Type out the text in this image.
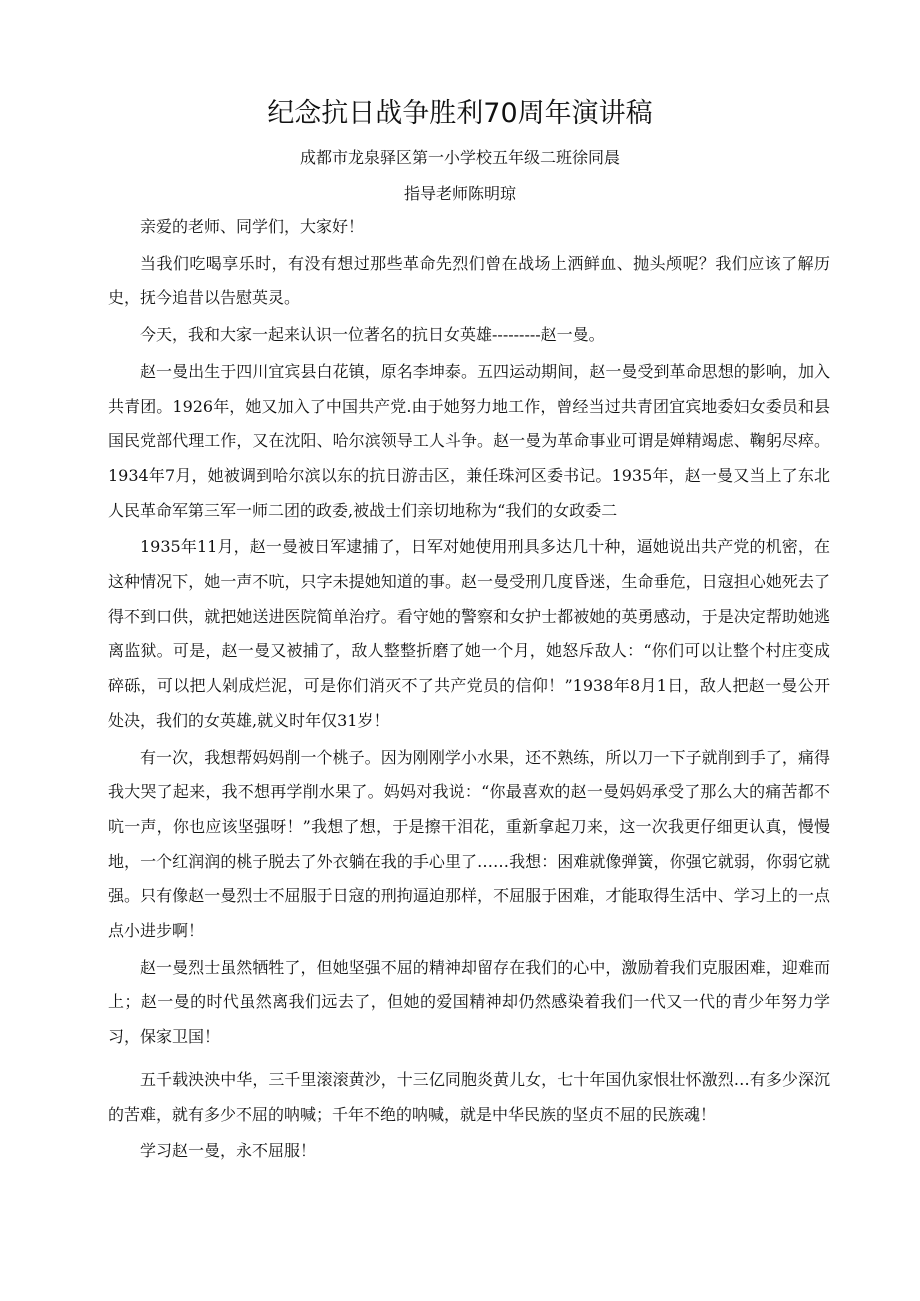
纪念抗日战争胜利70周年演讲稿
成都市龙泉驿区第一小学校五年级二班徐同晨
指导老师陈明琼

亲爱的老师、同学们，大家好！

当我们吃喝享乐时，有没有想过那些革命先烈们曾在战场上洒鲜血、抛头颅呢？我们应该了解历史，抚今追昔以告慰英灵。

今天，我和大家一起来认识一位著名的抗日女英雄---------赵一曼。

赵一曼出生于四川宜宾县白花镇，原名李坤泰。五四运动期间，赵一曼受到革命思想的影响，加入共青团。1926年，她又加入了中国共产党.由于她努力地工作，曾经当过共青团宜宾地委妇女委员和县国民党部代理工作，又在沈阳、哈尔滨领导工人斗争。赵一曼为革命事业可谓是婵精竭虑、鞠躬尽瘁。1934年7月，她被调到哈尔滨以东的抗日游击区，兼任珠河区委书记。1935年，赵一曼又当上了东北人民革命军第三军一师二团的政委,被战士们亲切地称为“我们的女政委二

1935年11月，赵一曼被日军逮捕了，日军对她使用刑具多达几十种，逼她说出共产党的机密，在这种情况下，她一声不吭，只字未提她知道的事。赵一曼受刑几度昏迷，生命垂危，日寇担心她死去了得不到口供，就把她送进医院简单治疗。看守她的警察和女护士都被她的英勇感动，于是决定帮助她逃离监狱。可是，赵一曼又被捕了，敌人整整折磨了她一个月，她怒斥敌人：“你们可以让整个村庄变成碎砾，可以把人剁成烂泥，可是你们消灭不了共产党员的信仰！”1938年8月1日，敌人把赵一曼公开处决，我们的女英雄,就义时年仅31岁！

有一次，我想帮妈妈削一个桃子。因为刚刚学小水果，还不熟练，所以刀一下子就削到手了，痛得我大哭了起来，我不想再学削水果了。妈妈对我说：“你最喜欢的赵一曼妈妈承受了那么大的痛苦都不吭一声，你也应该坚强呀！”我想了想，于是擦干泪花，重新拿起刀来，这一次我更仔细更认真，慢慢地，一个红润润的桃子脱去了外衣躺在我的手心里了……我想：困难就像弹簧，你强它就弱，你弱它就强。只有像赵一曼烈士不屈服于日寇的刑拘逼迫那样，不屈服于困难，才能取得生活中、学习上的一点点小进步啊！

赵一曼烈士虽然牺牲了，但她坚强不屈的精神却留存在我们的心中，激励着我们克服困难，迎难而上；赵一曼的时代虽然离我们远去了，但她的爱国精神却仍然感染着我们一代又一代的青少年努力学习，保家卫国！

五千载泱泱中华，三千里滚滚黄沙，十三亿同胞炎黄儿女，七十年国仇家恨壮怀激烈…有多少深沉的苦难，就有多少不屈的呐喊；千年不绝的呐喊，就是中华民族的坚贞不屈的民族魂！

学习赵一曼，永不屈服！
